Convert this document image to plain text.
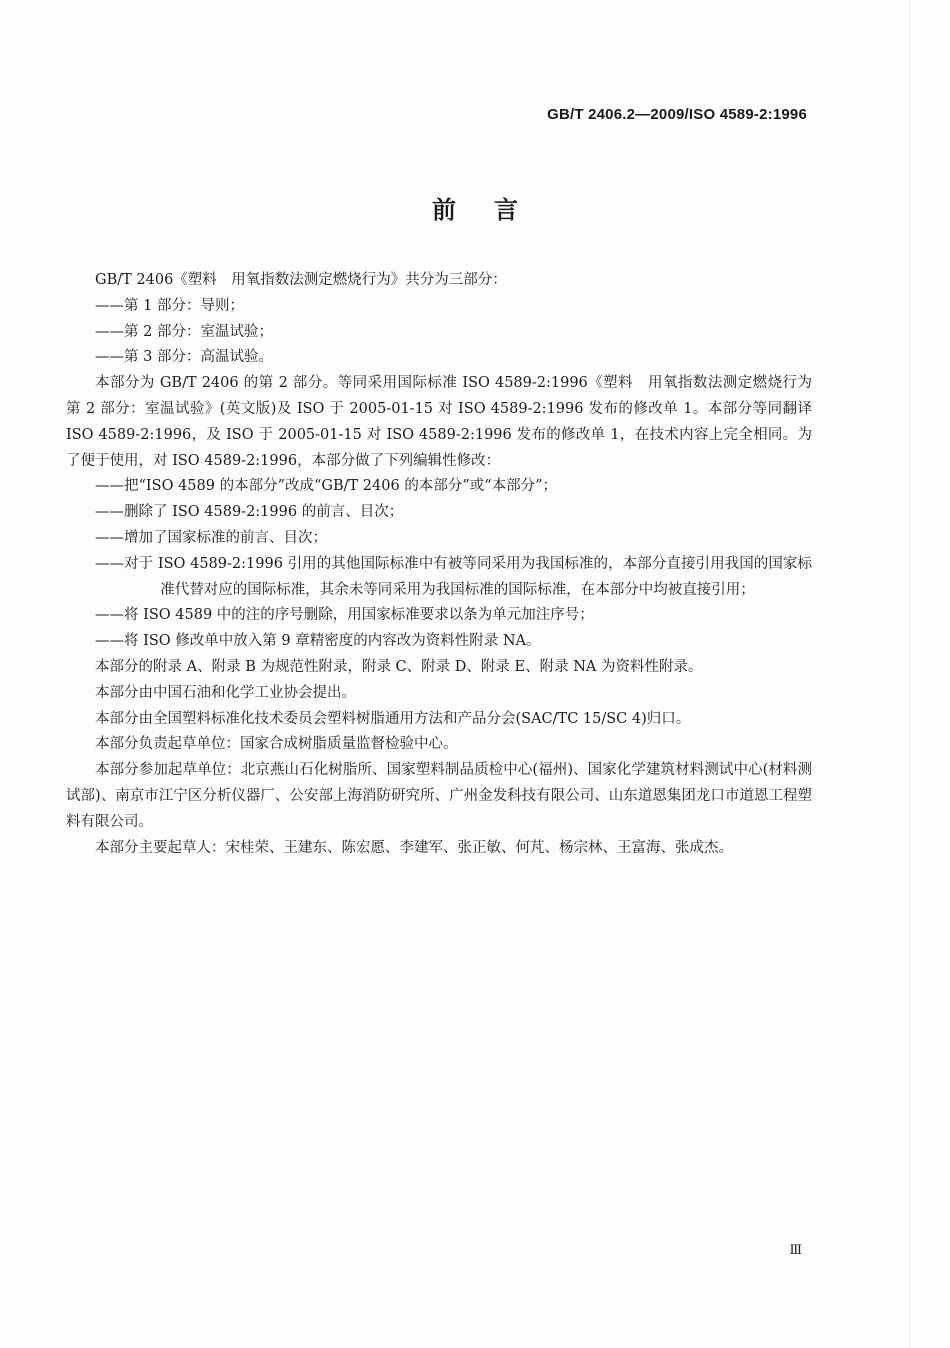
GB/T 2406.2—2009/ISO 4589-2:1996
前言

GB/T 2406《塑料　用氧指数法测定燃烧行为》共分为三部分：

——第 1 部分：导则；

——第 2 部分：室温试验；

——第 3 部分：高温试验。

本部分为 GB/T 2406 的第 2 部分。等同采用国际标准 ISO 4589-2:1996《塑料　用氧指数法测定燃烧行为　第 2 部分：室温试验》(英文版)及 ISO 于 2005-01-15 对 ISO 4589-2:1996 发布的修改单 1。本部分等同翻译 ISO 4589-2:1996，及 ISO 于 2005-01-15 对 ISO 4589-2:1996 发布的修改单 1，在技术内容上完全相同。为了便于使用，对 ISO 4589-2:1996，本部分做了下列编辑性修改：

——把“ISO 4589 的本部分”改成“GB/T 2406 的本部分”或“本部分”；

——删除了 ISO 4589-2:1996 的前言、目次；

——增加了国家标准的前言、目次；

——对于 ISO 4589-2:1996 引用的其他国际标准中有被等同采用为我国标准的，本部分直接引用我国的国家标准代替对应的国际标准，其余未等同采用为我国标准的国际标准，在本部分中均被直接引用；

——将 ISO 4589 中的注的序号删除，用国家标准要求以条为单元加注序号；

——将 ISO 修改单中放入第 9 章精密度的内容改为资料性附录 NA。

本部分的附录 A、附录 B 为规范性附录，附录 C、附录 D、附录 E、附录 NA 为资料性附录。

本部分由中国石油和化学工业协会提出。

本部分由全国塑料标准化技术委员会塑料树脂通用方法和产品分会(SAC/TC 15/SC 4)归口。

本部分负责起草单位：国家合成树脂质量监督检验中心。

本部分参加起草单位：北京燕山石化树脂所、国家塑料制品质检中心(福州)、国家化学建筑材料测试中心(材料测试部)、南京市江宁区分析仪器厂、公安部上海消防研究所、广州金发科技有限公司、山东道恩集团龙口市道恩工程塑料有限公司。

本部分主要起草人：宋桂荣、王建东、陈宏愿、李建军、张正敏、何芃、杨宗林、王富海、张成杰。

Ⅲ
